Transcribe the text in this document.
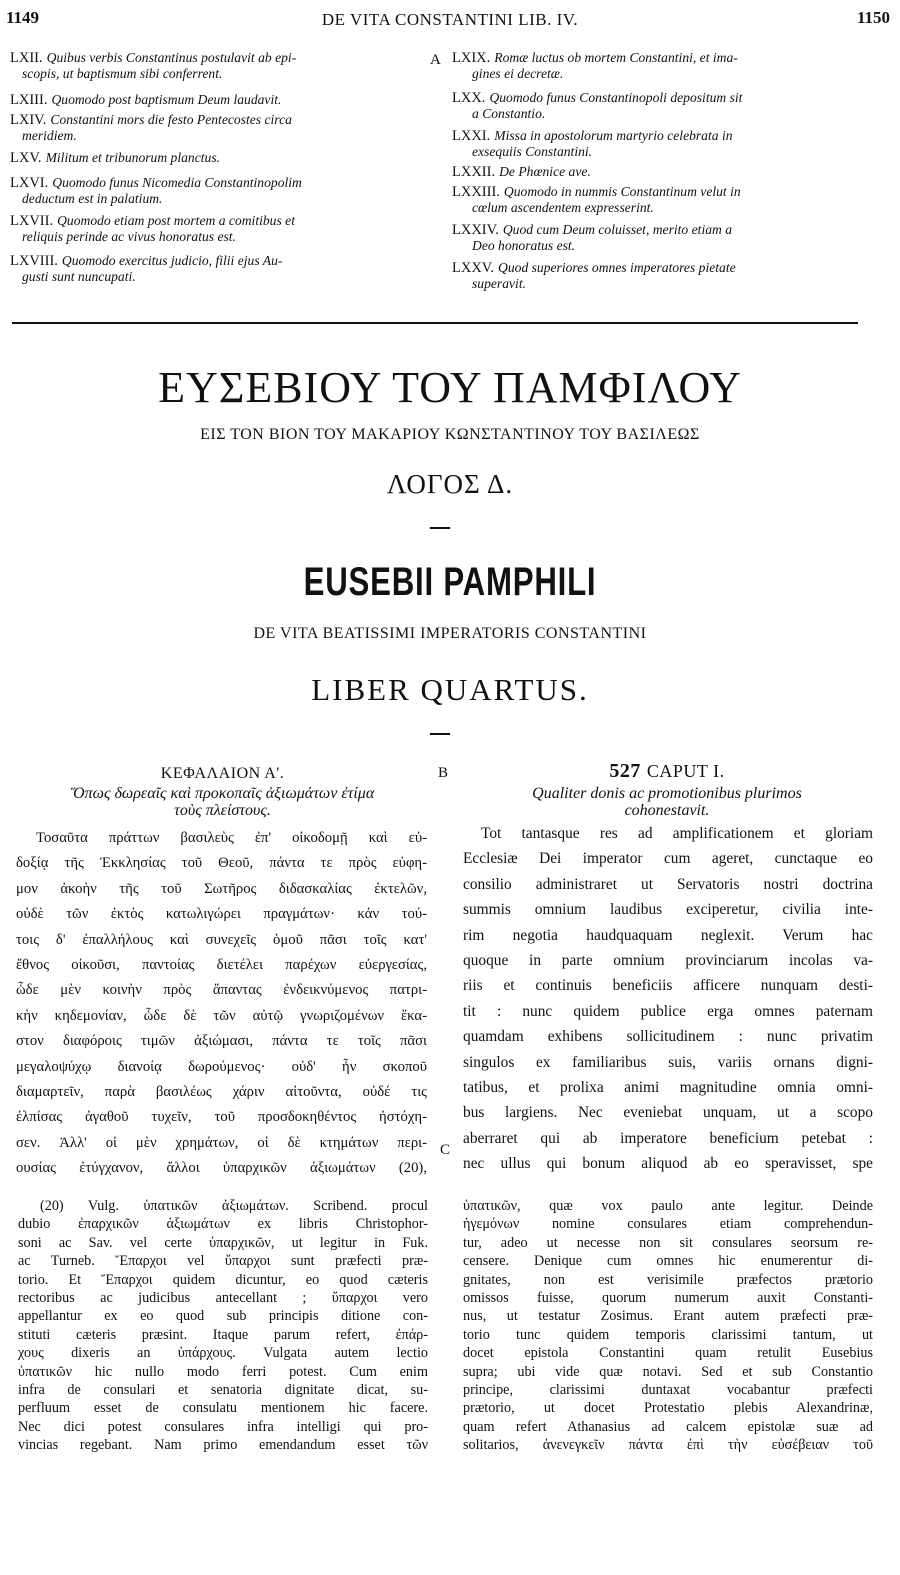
1149	DE VITA CONSTANTINI LIB. IV.	1150
LXII. Quibus verbis Constantinus postulavit ab epi-
scopis, ut baptismum sibi conferrent.
LXIII. Quomodo post baptismum Deum laudavit.
LXIV. Constantini mors die festo Pentecostes circa
meridiem.
LXV. Militum et tribunorum planctus.
LXVI. Quomodo funus Nicomedia Constantinopolim
deductum est in palatium.
LXVII. Quomodo etiam post mortem a comitibus et
reliquis perinde ac vivus honoratus est.
LXVIII. Quomodo exercitus judicio, filii ejus Au-
gusti sunt nuncupati.
A LXIX. Romæ luctus ob mortem Constantini, et ima-
gines ei decretæ.
LXX. Quomodo funus Constantinopoli depositum sit
a Constantio.
LXXI. Missa in apostolorum martyrio celebrata in
exsequiis Constantini.
LXXII. De Phœnice ave.
LXXIII. Quomodo in nummis Constantinum velut in
cœlum ascendentem expresserint.
LXXIV. Quod cum Deum coluisset, merito etiam a
Deo honoratus est.
LXXV. Quod superiores omnes imperatores pietate
superavit.
ΕΥΣΕΒΙΟΥ ΤΟΥ ΠΑΜΦΙΛΟΥ
ΕΙΣ ΤΟΝ ΒΙΟΝ ΤΟΥ ΜΑΚΑΡΙΟΥ ΚΩΝΣΤΑΝΤΙΝΟΥ ΤΟΥ ΒΑΣΙΛΕΩΣ
ΛΟΓΟΣ Δ.
EUSEBII PAMPHILI
DE VITA BEATISSIMI IMPERATORIS CONSTANTINI
LIBER QUARTUS.
ΚΕΦΑΛΑΙΟΝ Α'.
Ὅπως δωρεαῖς καὶ προκοπαῖς ἀξιωμάτων ἐτίμα
τοὺς πλείστους.
Τοσαῦτα πράττων βασιλεὺς ἐπ' οἰκοδομῇ καὶ εὐ-
δοξίᾳ τῆς Ἐκκλησίας τοῦ Θεοῦ, πάντα τε πρὸς εὐφη-
μον ἀκοὴν τῆς τοῦ Σωτῆρος διδασκαλίας ἐκτελῶν,
οὐδὲ τῶν ἐκτὸς κατωλιγώρει πραγμάτων· κἀν τού-
τοις δ' ἐπαλλήλους καὶ συνεχεῖς ὁμοῦ πᾶσι τοῖς κατ'
ἔθνος οἰκοῦσι, παντοίας διετέλει παρέχων εὐεργεσίας,
ὧδε μὲν κοινὴν πρὸς ἅπαντας ἐνδεικνύμενος πατρι-
κὴν κηδεμονίαν, ὧδε δὲ τῶν αὐτῷ γνωριζομένων ἕκα-
στον διαφόροις τιμῶν ἀξιώμασι, πάντα τε τοῖς πᾶσι
μεγαλοψύχῳ διανοίᾳ δωρούμενος· οὐδ' ἦν σκοποῦ
διαμαρτεῖν, παρὰ βασιλέως χάριν αἰτοῦντα, οὐδέ τις
ἐλπίσας ἀγαθοῦ τυχεῖν, τοῦ προσδοκηθέντος ἠστόχη-
σεν. Ἀλλ' οἱ μὲν χρημάτων, οἱ δὲ κτημάτων περι-
ουσίας ἐτύγχανον, ἄλλοι ὑπαρχικῶν ἀξιωμάτων (20),
B
C
527 CAPUT I.
Qualiter donis ac promotionibus plurimos
cohonestavit.
Tot tantasque res ad amplificationem et gloriam
Ecclesiæ Dei imperator cum ageret, cunctaque eo
consilio administraret ut Servatoris nostri doctrina
summis omnium laudibus exciperetur, civilia inte-
rim negotia haudquaquam neglexit. Verum hac
quoque in parte omnium provinciarum incolas va-
riis et continuis beneficiis afficere nunquam desti-
tit : nunc quidem publice erga omnes paternam
quamdam exhibens sollicitudinem : nunc privatim
singulos ex familiaribus suis, variis ornans digni-
tatibus, et prolixa animi magnitudine omnia omni-
bus largiens. Nec eveniebat unquam, ut a scopo
aberraret qui ab imperatore beneficium petebat :
nec ullus qui bonum aliquod ab eo speravisset, spe
(20) Vulg. ὑπατικῶν ἀξιωμάτων. Scribend. procul
dubio ἐπαρχικῶν ἀξιωμάτων ex libris Christophor-
soni ac Sav. vel certe ὑπαρχικῶν, ut legitur in Fuk.
ac Turneb. Ἔπαρχοι vel ὕπαρχοι sunt præfecti præ-
torio. Et Ἔπαρχοι quidem dicuntur, eo quod cæteris
rectoribus ac judicibus antecellant ; ὕπαρχοι vero
appellantur ex eo quod sub principis ditione con-
stituti cæteris præsint. Itaque parum refert, ἐπάρ-
χους dixeris an ὑπάρχους. Vulgata autem lectio
ὑπατικῶν hic nullo modo ferri potest. Cum enim
infra de consulari et senatoria dignitate dicat, su-
perfluum esset de consulatu mentionem hic facere.
Nec dici potest consulares infra intelligi qui pro-
vincias regebant. Nam primo emendandum esset τῶν
ὑπατικῶν, quæ vox paulo ante legitur. Deinde
ἡγεμόνων nomine consulares etiam comprehendun-
tur, adeo ut necesse non sit consulares seorsum re-
censere. Denique cum omnes hic enumerentur di-
gnitates, non est verisimile præfectos prætorio
omissos fuisse, quorum numerum auxit Constanti-
nus, ut testatur Zosimus. Erant autem præfecti præ-
torio tunc quidem temporis clarissimi tantum, ut
docet epistola Constantini quam retulit Eusebius
supra; ubi vide quæ notavi. Sed et sub Constantio
principe, clarissimi duntaxat vocabantur præfecti
prætorio, ut docet Protestatio plebis Alexandrinæ,
quam refert Athanasius ad calcem epistolæ suæ ad
solitarios, ἀνενεγκεῖν πάντα ἐπὶ τὴν εὐσέβειαν τοῦ
